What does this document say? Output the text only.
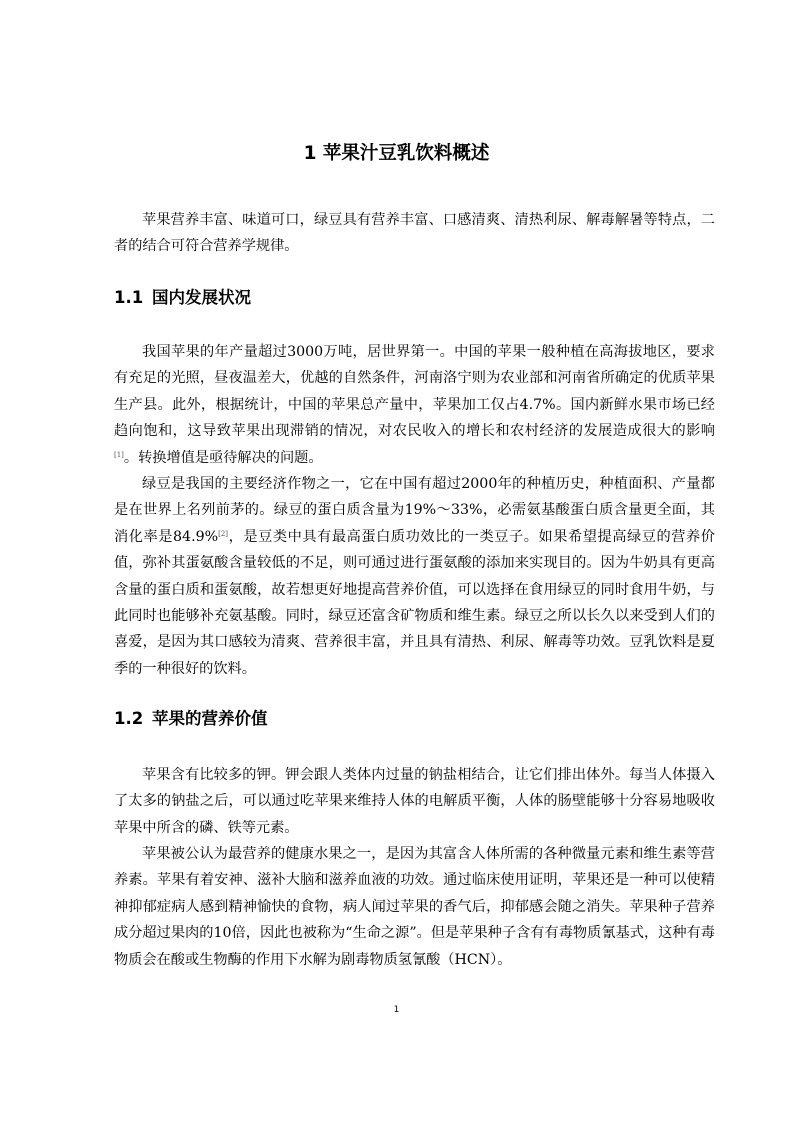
1 苹果汁豆乳饮料概述
苹果营养丰富、味道可口，绿豆具有营养丰富、口感清爽、清热利尿、解毒解暑等特点，二者的结合可符合营养学规律。
1.1 国内发展状况
我国苹果的年产量超过3000万吨，居世界第一。中国的苹果一般种植在高海拔地区，要求有充足的光照，昼夜温差大，优越的自然条件，河南洛宁则为农业部和河南省所确定的优质苹果生产县。此外，根据统计，中国的苹果总产量中，苹果加工仅占4.7%。国内新鲜水果市场已经趋向饱和，这导致苹果出现滞销的情况，对农民收入的增长和农村经济的发展造成很大的影响[1]。转换增值是亟待解决的问题。
绿豆是我国的主要经济作物之一，它在中国有超过2000年的种植历史，种植面积、产量都是在世界上名列前茅的。绿豆的蛋白质含量为19%～33%，必需氨基酸蛋白质含量更全面，其消化率是84.9%[2]，是豆类中具有最高蛋白质功效比的一类豆子。如果希望提高绿豆的营养价值，弥补其蛋氨酸含量较低的不足，则可通过进行蛋氨酸的添加来实现目的。因为牛奶具有更高含量的蛋白质和蛋氨酸，故若想更好地提高营养价值，可以选择在食用绿豆的同时食用牛奶，与此同时也能够补充氨基酸。同时，绿豆还富含矿物质和维生素。绿豆之所以长久以来受到人们的喜爱，是因为其口感较为清爽、营养很丰富，并且具有清热、利尿、解毒等功效。豆乳饮料是夏季的一种很好的饮料。
1.2 苹果的营养价值
苹果含有比较多的钾。钾会跟人类体内过量的钠盐相结合，让它们排出体外。每当人体摄入了太多的钠盐之后，可以通过吃苹果来维持人体的电解质平衡，人体的肠壁能够十分容易地吸收苹果中所含的磷、铁等元素。
苹果被公认为最营养的健康水果之一，是因为其富含人体所需的各种微量元素和维生素等营养素。苹果有着安神、滋补大脑和滋养血液的功效。通过临床使用证明，苹果还是一种可以使精神抑郁症病人感到精神愉快的食物，病人闻过苹果的香气后，抑郁感会随之消失。苹果种子营养成分超过果肉的10倍，因此也被称为“生命之源”。但是苹果种子含有有毒物质氰基式，这种有毒物质会在酸或生物酶的作用下水解为剧毒物质氢氰酸（HCN）。
1
